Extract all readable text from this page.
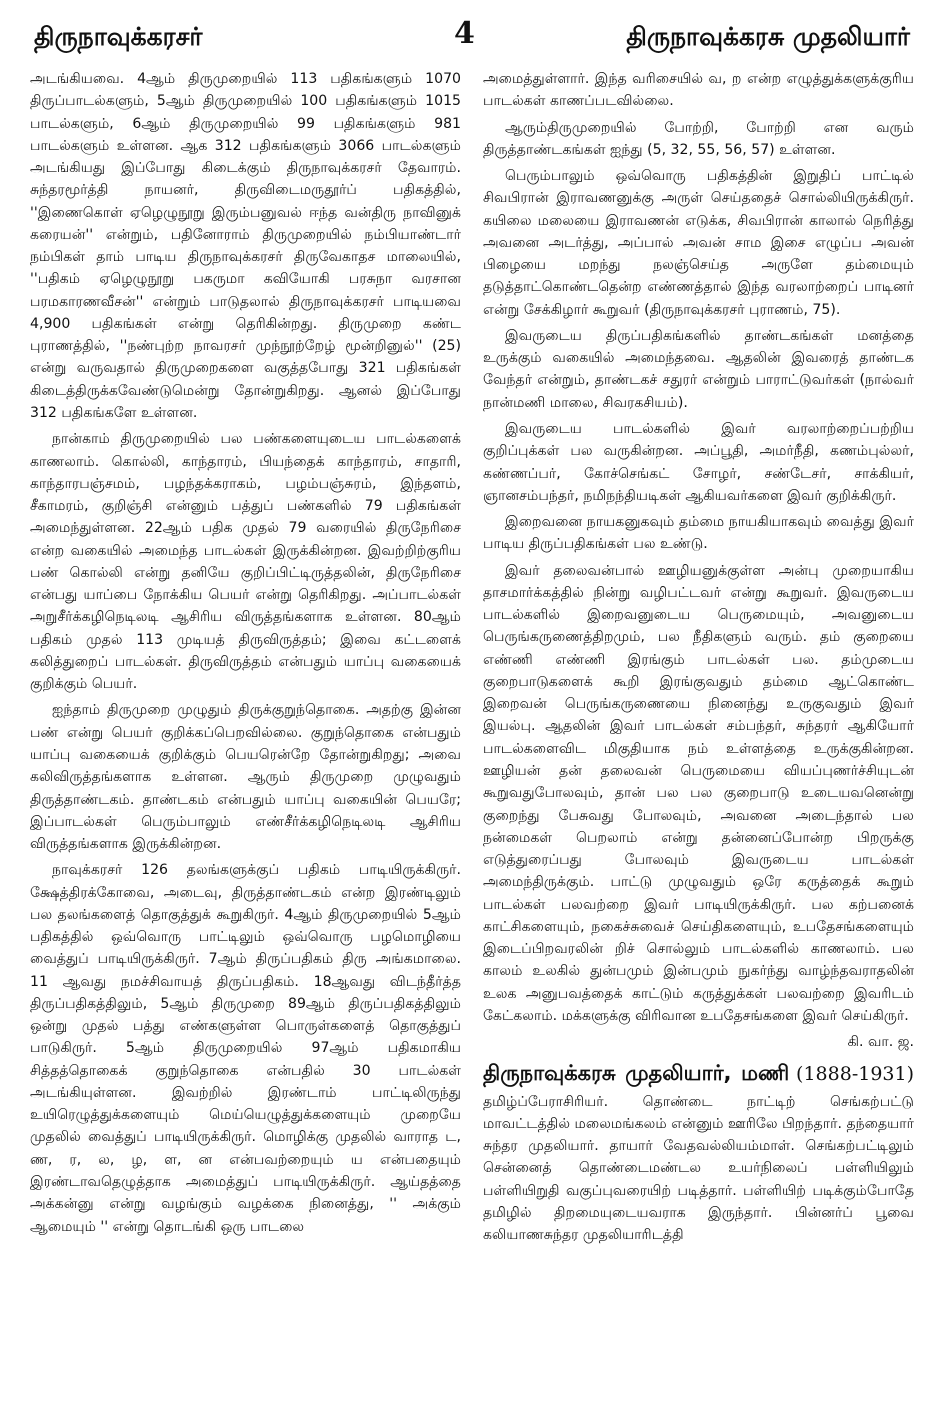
திருநாவுக்கரசர்	4	திருநாவுக்கரசு முதலியார்

அடங்கியவை. 4ஆம் திருமுறையில் 113 பதிகங்களும் 1070 திருப்பாடல்களும், 5ஆம் திருமுறையில் 100 பதிகங்களும் 1015 பாடல்களும், 6ஆம் திருமுறையில் 99 பதிகங்களும் 981 பாடல்களும் உள்ளன. ஆக 312 பதிகங்களும் 3066 பாடல்களும் அடங்கியது இப்போது கிடைக்கும் திருநாவுக்கரசர் தேவாரம். சுந்தரமூர்த்தி நாயனர், திருவிடைமருதூர்ப் பதிகத்தில், ''இணைகொள் ஏழெழுநூறு இரும்பனுவல் ஈந்த வன்திரு நாவினுக் கரையன்'' என்றும், பதினோராம் திருமுறையில் நம்பியாண்டார் நம்பிகள் தாம் பாடிய திருநாவுக்கரசர் திருவேகாதச மாலையில், ''பதிகம் ஏழெழுநூறு பகருமா கவியோகி பரசுநா வரசான பரமகாரணவீசன்'' என்றும் பாடுதலால் திருநாவுக்கரசர் பாடியவை 4,900 பதிகங்கள் என்று தெரிகின்றது. திருமுறை கண்ட புராணத்தில், ''நண்புற்ற நாவரசர் முந்நூற்றேழ் மூன்றினுல்'' (25) என்று வருவதால் திருமுறைகளை வகுத்தபோது 321 பதிகங்கள் கிடைத்திருக்கவேண்டுமென்று தோன்றுகிறது. ஆனல் இப்போது 312 பதிகங்களே உள்ளன.

நான்காம் திருமுறையில் பல பண்களையுடைய பாடல்களைக் காணலாம். கொல்லி, காந்தாரம், பியந்தைக் காந்தாரம், சாதாரி, காந்தாரபஞ்சமம், பழந்தக்கராகம், பழம்பஞ்சுரம், இந்தளம், சீகாமரம், குறிஞ்சி என்னும் பத்துப் பண்களில் 79 பதிகங்கள் அமைந்துள்ளன. 22ஆம் பதிக முதல் 79 வரையில் திருநேரிசை என்ற வகையில் அமைந்த பாடல்கள் இருக்கின்றன. இவற்றிற்குரிய பண் கொல்லி என்று தனியே குறிப்பிட்டிருத்தலின், திருநேரிசை என்பது யாப்பை நோக்கிய பெயர் என்று தெரிகிறது. அப்பாடல்கள் அறுசீர்க்கழிநெடிலடி ஆசிரிய விருத்தங்களாக உள்ளன. 80ஆம் பதிகம் முதல் 113 முடியத் திருவிருத்தம்; இவை கட்டளைக் கலித்துறைப் பாடல்கள். திருவிருத்தம் என்பதும் யாப்பு வகையைக் குறிக்கும் பெயர்.

ஐந்தாம் திருமுறை முழுதும் திருக்குறுந்தொகை. அதற்கு இன்ன பண் என்று பெயர் குறிக்கப்பெறவில்லை. குறுந்தொகை என்பதும் யாப்பு வகையைக் குறிக்கும் பெயரென்றே தோன்றுகிறது; அவை கலிவிருத்தங்களாக உள்ளன. ஆரும் திருமுறை முழுவதும் திருத்தாண்டகம். தாண்டகம் என்பதும் யாப்பு வகையின் பெயரே; இப்பாடல்கள் பெரும்பாலும் எண்சீர்க்கழிநெடிலடி ஆசிரிய விருத்தங்களாக இருக்கின்றன.

நாவுக்கரசர் 126 தலங்களுக்குப் பதிகம் பாடியிருக்கிருர். க்ஷேத்திரக்கோவை, அடைவு, திருத்தாண்டகம் என்ற இரண்டிலும் பல தலங்களைத் தொகுத்துக் கூறுகிருர். 4ஆம் திருமுறையில் 5ஆம் பதிகத்தில் ஒவ்வொரு பாட்டிலும் ஒவ்வொரு பழமொழியை வைத்துப் பாடியிருக்கிருர். 7ஆம் திருப்பதிகம் திரு அங்கமாலை. 11 ஆவது நமச்சிவாயத் திருப்பதிகம். 18ஆவது விடந்தீர்த்த திருப்பதிகத்திலும், 5ஆம் திருமுறை 89ஆம் திருப்பதிகத்திலும் ஒன்று முதல் பத்து எண்களுள்ள பொருள்களைத் தொகுத்துப் பாடுகிருர். 5ஆம் திருமுறையில் 97ஆம் பதிகமாகிய சித்தத்தொகைக் குறுந்தொகை என்பதில் 30 பாடல்கள் அடங்கியுள்ளன. இவற்றில் இரண்டாம் பாட்டிலிருந்து உயிரெழுத்துக்களையும் மெய்யெழுத்துக்களையும் முறையே முதலில் வைத்துப் பாடியிருக்கிருர். மொழிக்கு முதலில் வாராத ட, ண, ர, ல, ழ, ள, ன என்பவற்றையும் ய என்பதையும் இரண்டாவதெழுத்தாக அமைத்துப் பாடியிருக்கிருர். ஆய்தத்தை அக்கன்னு என்று வழங்கும் வழக்கை நினைத்து, '' அக்கும் ஆமையும் '' என்று தொடங்கி ஒரு பாடலை

அமைத்துள்ளார். இந்த வரிசையில் வ, ற என்ற எழுத்துக்களுக்குரிய பாடல்கள் காணப்படவில்லை.

ஆரும்திருமுறையில் போற்றி, போற்றி என வரும் திருத்தாண்டகங்கள் ஐந்து (5, 32, 55, 56, 57) உள்ளன.

பெரும்பாலும் ஒவ்வொரு பதிகத்தின் இறுதிப் பாட்டில் சிவபிரான் இராவணனுக்கு அருள் செய்ததைச் சொல்லியிருக்கிருர். கயிலை மலையை இராவணன் எடுக்க, சிவபிரான் காலால் நெரித்து அவனை அடர்த்து, அப்பால் அவன் சாம இசை எழுப்ப அவன் பிழையை மறந்து நலஞ்செய்த அருளே தம்மையும் தடுத்தாட்கொண்டதென்ற எண்ணத்தால் இந்த வரலாற்றைப் பாடினர் என்று சேக்கிழார் கூறுவர் (திருநாவுக்கரசர் புராணம், 75).

இவருடைய திருப்பதிகங்களில் தாண்டகங்கள் மனத்தை உருக்கும் வகையில் அமைந்தவை. ஆதலின் இவரைத் தாண்டக வேந்தர் என்றும், தாண்டகச் சதுரர் என்றும் பாராட்டுவர்கள் (நால்வர் நான்மணி மாலை, சிவரகசியம்).

இவருடைய பாடல்களில் இவர் வரலாற்றைப்பற்றிய குறிப்புக்கள் பல வருகின்றன. அப்பூதி, அமர்நீதி, கணம்புல்லர், கண்ணப்பர், கோச்செங்கட் சோழர், சண்டேசர், சாக்கியர், ஞானசம்பந்தர், நமிநந்தியடிகள் ஆகியவர்களை இவர் குறிக்கிருர்.

இறைவனை நாயகனுகவும் தம்மை நாயகியாகவும் வைத்து இவர் பாடிய திருப்பதிகங்கள் பல உண்டு.

இவர் தலைவன்பால் ஊழியனுக்குள்ள அன்பு முறையாகிய தாசமார்க்கத்தில் நின்று வழிபட்டவர் என்று கூறுவர். இவருடைய பாடல்களில் இறைவனுடைய பெருமையும், அவனுடைய பெருங்கருணைத்திறமும், பல நீதிகளும் வரும். தம் குறையை எண்ணி எண்ணி இரங்கும் பாடல்கள் பல. தம்முடைய குறைபாடுகளைக் கூறி இரங்குவதும் தம்மை ஆட்கொண்ட இறைவன் பெருங்கருணையை நினைந்து உருகுவதும் இவர் இயல்பு. ஆதலின் இவர் பாடல்கள் சம்பந்தர், சுந்தரர் ஆகியோர் பாடல்களைவிட மிகுதியாக நம் உள்ளத்தை உருக்குகின்றன. ஊழியன் தன் தலைவன் பெருமையை வியப்புணர்ச்சியுடன் கூறுவதுபோலவும், தான் பல பல குறைபாடு உடையவனென்று குறைந்து பேசுவது போலவும், அவனை அடைந்தால் பல நன்மைகள் பெறலாம் என்று தன்னைப்போன்ற பிறருக்கு எடுத்துரைப்பது போலவும் இவருடைய பாடல்கள் அமைந்திருக்கும். பாட்டு முழுவதும் ஒரே கருத்தைக் கூறும் பாடல்கள் பலவற்றை இவர் பாடியிருக்கிருர். பல கற்பனைக் காட்சிகளையும், நகைச்சுவைச் செய்திகளையும், உபதேசங்களையும் இடைப்பிறவரலின் றிச் சொல்லும் பாடல்களில் காணலாம். பல காலம் உலகில் துன்பமும் இன்பமும் நுகர்ந்து வாழ்ந்தவராதலின் உலக அனுபவத்தைக் காட்டும் கருத்துக்கள் பலவற்றை இவரிடம் கேட்கலாம். மக்களுக்கு விரிவான உபதேசங்களை இவர் செய்கிருர்.

கி. வா. ஜ.

திருநாவுக்கரசு முதலியார், மணி (1888-1931) தமிழ்ப்பேராசிரியர். தொண்டை நாட்டிற் செங்கற்பட்டு மாவட்டத்தில் மலைமங்கலம் என்னும் ஊரிலே பிறந்தார். தந்தையார் சுந்தர முதலியார். தாயார் வேதவல்லியம்மாள். செங்கற்பட்டிலும் சென்னைத் தொண்டைமண்டல உயர்நிலைப் பள்ளியிலும் பள்ளியிறுதி வகுப்புவரையிற் படித்தார். பள்ளியிற் படிக்கும்போதே தமிழில் திறமையுடையவராக இருந்தார். பின்னர்ப் பூவை கலியாணசுந்தர முதலியாரிடத்தி
